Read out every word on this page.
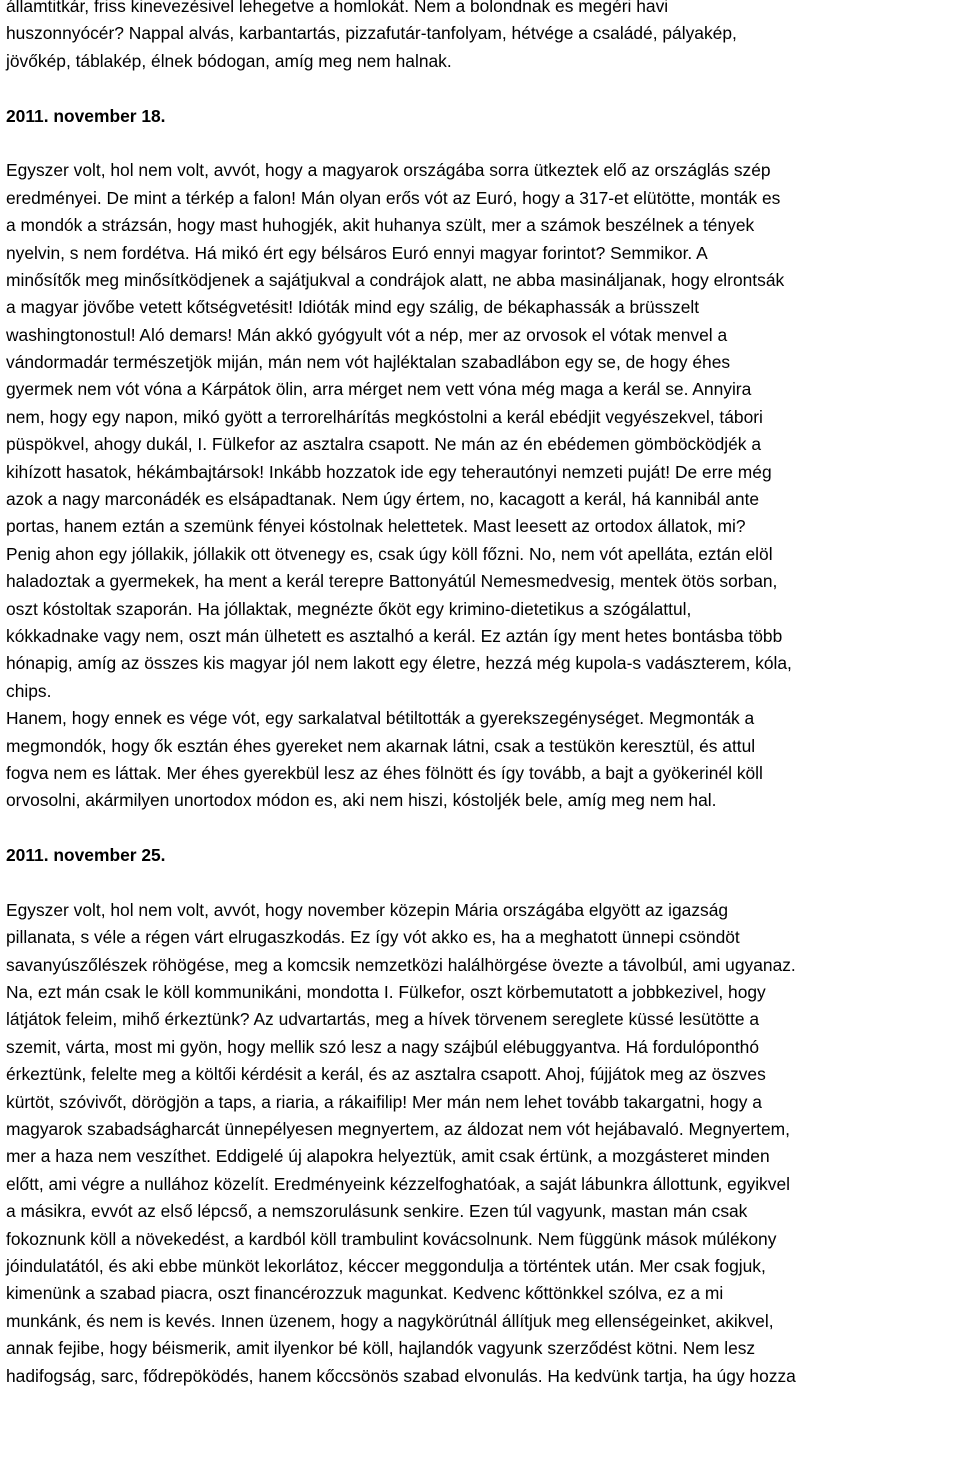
államtitkár, friss kinevezésivel lehegetve a homlokát. Nem a bolondnak es megéri havi
huszonnyócér? Nappal alvás, karbantartás, pizzafutár-tanfolyam, hétvége a családé, pályakép,
jövőkép, táblakép, élnek bódogan, amíg meg nem halnak.
2011. november 18.
Egyszer volt, hol nem volt, avvót, hogy a magyarok országába sorra ütkeztek elő az országlás szép
eredményei. De mint a térkép a falon! Mán olyan erős vót az Euró, hogy a 317-et elütötte, monták es
a mondók a strázsán, hogy mast huhogjék, akit huhanya szült, mer a számok beszélnek a tények
nyelvin, s nem fordétva. Há mikó ért egy bélsáros Euró ennyi magyar forintot? Semmikor. A
minősítők meg minősítködjenek a sajátjukval a condrájok alatt, ne abba masináljanak, hogy elrontsák
a magyar jövőbe vetett kőtségvetésit! Idióták mind egy szálig, de békaphassák a brüsszelt
washingtonostul! Aló demars! Mán akkó gyógyult vót a nép, mer az orvosok el vótak menvel a
vándormadár természetjök miján, mán nem vót hajléktalan szabadlábon egy se, de hogy éhes
gyermek nem vót vóna a Kárpátok ölin, arra mérget nem vett vóna még maga a kerál se. Annyira
nem, hogy egy napon, mikó gyött a terrorelhárítás megkóstolni a kerál ebédjit vegyészekvel, tábori
püspökvel, ahogy dukál, I. Fülkefor az asztalra csapott. Ne mán az én ebédemen gömböcködjék a
kihízott hasatok, hékámbajtársok! Inkább hozzatok ide egy teherautónyi nemzeti puját! De erre még
azok a nagy marconádék es elsápadtanak. Nem úgy értem, no, kacagott a kerál, há kannibál ante
portas, hanem eztán a szemünk fényei kóstolnak helettetek. Mast leesett az ortodox állatok, mi?
Penig ahon egy jóllakik, jóllakik ott ötvenegy es, csak úgy köll főzni. No, nem vót apelláta, eztán elöl
haladoztak a gyermekek, ha ment a kerál terepre Battonyátúl Nemesmedvesig, mentek ötös sorban,
oszt kóstoltak szaporán. Ha jóllaktak, megnézte őköt egy krimino-dietetikus a szógálattul,
kókkadnake vagy nem, oszt mán ülhetett es asztalhó a kerál. Ez aztán így ment hetes bontásba több
hónapig, amíg az összes kis magyar jól nem lakott egy életre, hezzá még kupola-s vadászterem, kóla,
chips.
Hanem, hogy ennek es vége vót, egy sarkalatval bétiltották a gyerekszegénységet. Megmonták a
megmondók, hogy ők esztán éhes gyereket nem akarnak látni, csak a testükön keresztül, és attul
fogva nem es láttak. Mer éhes gyerekbül lesz az éhes fölnött és így tovább, a bajt a gyökerinél köll
orvosolni, akármilyen unortodox módon es, aki nem hiszi, kóstoljék bele, amíg meg nem hal.
2011. november 25.
Egyszer volt, hol nem volt, avvót, hogy november közepin Mária országába elgyött az igazság
pillanata, s véle a régen várt elrugaszkodás. Ez így vót akko es, ha a meghatott ünnepi csöndöt
savanyúszőlészek röhögése, meg a komcsik nemzetközi halálhörgése övezte a távolbúl, ami ugyanaz.
Na, ezt mán csak le köll kommunikáni, mondotta I. Fülkefor, oszt körbemutatott a jobbkezivel, hogy
látjátok feleim, mihő érkeztünk? Az udvartartás, meg a hívek törvenem sereglete küssé lesütötte a
szemit, várta, most mi gyön, hogy mellik szó lesz a nagy szájbúl elébuggyantva. Há fordulóponthó
érkeztünk, felelte meg a költői kérdésit a kerál, és az asztalra csapott. Ahoj, fújjátok meg az öszves
kürtöt, szóvivőt, dörögjön a taps, a riaria, a rákaifilip! Mer mán nem lehet tovább takargatni, hogy a
magyarok szabadságharcát ünnepélyesen megnyertem, az áldozat nem vót hejábavaló. Megnyertem,
mer a haza nem veszíthet. Eddigelé új alapokra helyeztük, amit csak értünk, a mozgásteret minden
előtt, ami végre a nullához közelít. Eredményeink kézzelfoghatóak, a saját lábunkra állottunk, egyikvel
a másikra, evvót az első lépcső, a nemszorulásunk senkire. Ezen túl vagyunk, mastan mán csak
fokoznunk köll a növekedést, a kardból köll trambulint kovácsolnunk. Nem függünk mások múlékony
jóindulatától, és aki ebbe münköt lekorlátoz, kéccer meggondulja a történtek után. Mer csak fogjuk,
kimenünk a szabad piacra, oszt financérozzuk magunkat. Kedvenc kőttönkkel szólva, ez a mi
munkánk, és nem is kevés. Innen üzenem, hogy a nagykörútnál állítjuk meg ellenségeinket, akikvel,
annak fejibe, hogy béismerik, amit ilyenkor bé köll, hajlandók vagyunk szerződést kötni. Nem lesz
hadifogság, sarc, fődrepöködés, hanem kőccsönös szabad elvonulás. Ha kedvünk tartja, ha úgy hozza
